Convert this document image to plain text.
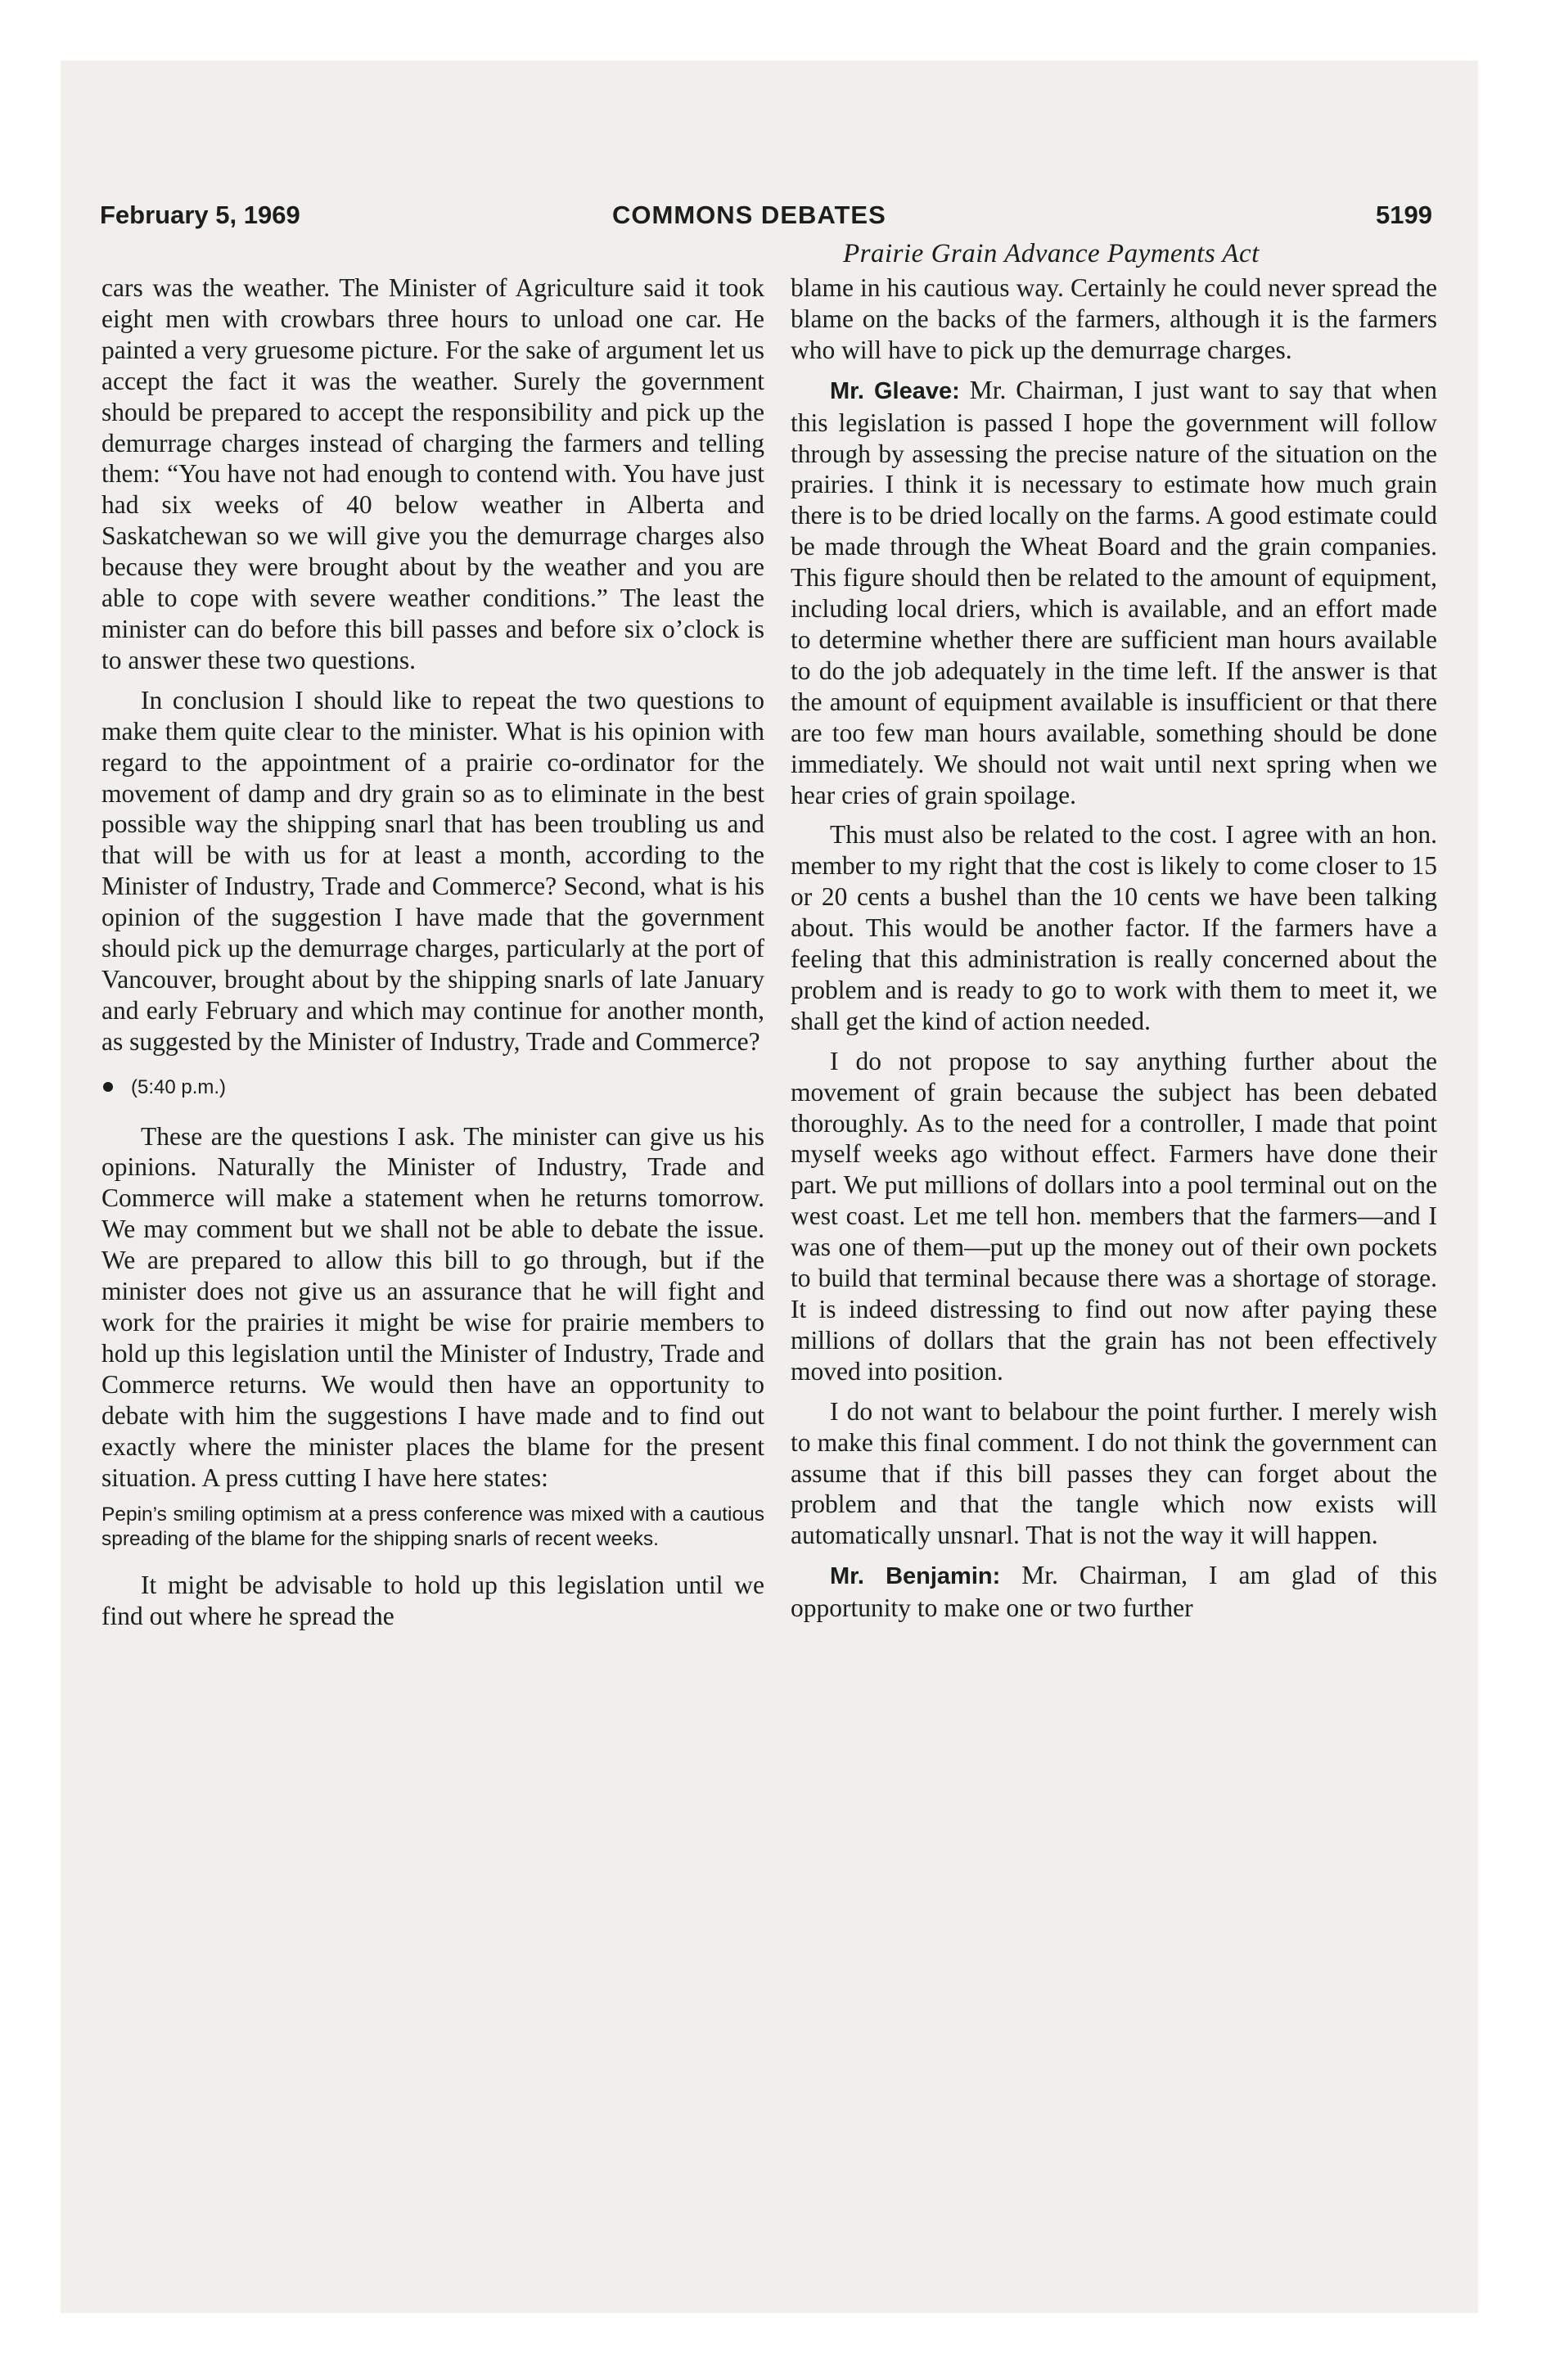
February 5, 1969	COMMONS DEBATES	5199
Prairie Grain Advance Payments Act

cars was the weather. The Minister of Agriculture said it took eight men with crowbars three hours to unload one car. He painted a very gruesome picture. For the sake of argument let us accept the fact it was the weather. Surely the government should be prepared to accept the responsibility and pick up the demurrage charges instead of charging the farmers and telling them: “You have not had enough to contend with. You have just had six weeks of 40 below weather in Alberta and Saskatchewan so we will give you the demurrage charges also because they were brought about by the weather and you are able to cope with severe weather conditions.” The least the minister can do before this bill passes and before six o’clock is to answer these two questions.

In conclusion I should like to repeat the two questions to make them quite clear to the minister. What is his opinion with regard to the appointment of a prairie co-ordinator for the movement of damp and dry grain so as to eliminate in the best possible way the shipping snarl that has been troubling us and that will be with us for at least a month, according to the Minister of Industry, Trade and Commerce? Second, what is his opinion of the suggestion I have made that the government should pick up the demurrage charges, particularly at the port of Vancouver, brought about by the shipping snarls of late January and early February and which may continue for another month, as suggested by the Minister of Industry, Trade and Commerce?

(5:40 p.m.)

These are the questions I ask. The minister can give us his opinions. Naturally the Minister of Industry, Trade and Commerce will make a statement when he returns tomorrow. We may comment but we shall not be able to debate the issue. We are prepared to allow this bill to go through, but if the minister does not give us an assurance that he will fight and work for the prairies it might be wise for prairie members to hold up this legislation until the Minister of Industry, Trade and Commerce returns. We would then have an opportunity to debate with him the suggestions I have made and to find out exactly where the minister places the blame for the present situation. A press cutting I have here states:

Pepin’s smiling optimism at a press conference was mixed with a cautious spreading of the blame for the shipping snarls of recent weeks.

It might be advisable to hold up this legislation until we find out where he spread the

blame in his cautious way. Certainly he could never spread the blame on the backs of the farmers, although it is the farmers who will have to pick up the demurrage charges.

Mr. Gleave: Mr. Chairman, I just want to say that when this legislation is passed I hope the government will follow through by assessing the precise nature of the situation on the prairies. I think it is necessary to estimate how much grain there is to be dried locally on the farms. A good estimate could be made through the Wheat Board and the grain companies. This figure should then be related to the amount of equipment, including local driers, which is available, and an effort made to determine whether there are sufficient man hours available to do the job adequately in the time left. If the answer is that the amount of equipment available is insufficient or that there are too few man hours available, something should be done immediately. We should not wait until next spring when we hear cries of grain spoilage.

This must also be related to the cost. I agree with an hon. member to my right that the cost is likely to come closer to 15 or 20 cents a bushel than the 10 cents we have been talking about. This would be another factor. If the farmers have a feeling that this administration is really concerned about the problem and is ready to go to work with them to meet it, we shall get the kind of action needed.

I do not propose to say anything further about the movement of grain because the subject has been debated thoroughly. As to the need for a controller, I made that point myself weeks ago without effect. Farmers have done their part. We put millions of dollars into a pool terminal out on the west coast. Let me tell hon. members that the farmers—and I was one of them—put up the money out of their own pockets to build that terminal because there was a shortage of storage. It is indeed distressing to find out now after paying these millions of dollars that the grain has not been effectively moved into position.

I do not want to belabour the point further. I merely wish to make this final comment. I do not think the government can assume that if this bill passes they can forget about the problem and that the tangle which now exists will automatically unsnarl. That is not the way it will happen.

Mr. Benjamin: Mr. Chairman, I am glad of this opportunity to make one or two further
